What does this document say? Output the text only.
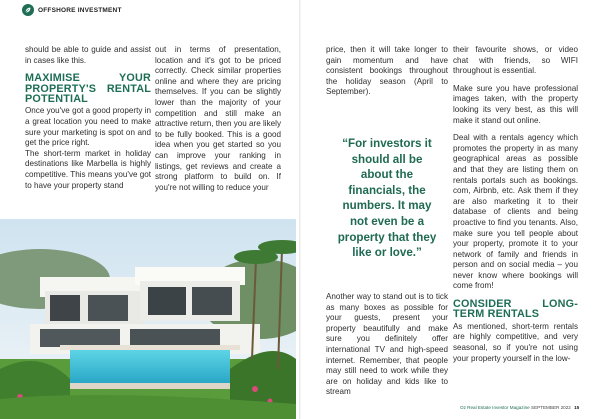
OFFSHORE INVESTMENT

should be able to guide and assist in cases like this.

MAXIMISE YOUR PROPERTY'S RENTAL POTENTIAL

Once you've got a good property in a great location you need to make sure your marketing is spot on and get the price right.

The short-term market in holiday destinations like Marbella is highly competitive. This means you've got to have your property stand

out in terms of presentation, location and it's got to be priced correctly. Check similar properties online and where they are pricing themselves. If you can be slightly lower than the majority of your competition and still make an attractive return, then you are likely to be fully booked. This is a good idea when you get started so you can improve your ranking in listings, get reviews and create a strong platform to build on. If you're not willing to reduce your

price, then it will take longer to gain momentum and have consistent bookings throughout the holiday season (April to September).

“For investors it should all be about the financials, the numbers. It may not even be a property that they like or love.”

Another way to stand out is to tick as many boxes as possible for your guests, present your property beautifully and make sure you definitely offer international TV and high-speed internet. Remember, that people may still need to work while they are on holiday and kids like to stream

their favourite shows, or video chat with friends, so WIFI throughout is essential.

Make sure you have professional images taken, with the property looking its very best, as this will make it stand out online.

Deal with a rentals agency which promotes the property in as many geographical areas as possible and that they are listing them on rentals portals such as bookings. com, Airbnb, etc. Ask them if they are also marketing it to their database of clients and being proactive to find you tenants. Also, make sure you tell people about your property, promote it to your network of family and friends in person and on social media – you never know where bookings will come from!

CONSIDER LONG-TERM RENTALS

As mentioned, short-term rentals are highly competitive, and very seasonal, so if you're not using your property yourself in the low-

Oz Real Estate Investor Magazine SEPTEMBER 2022 15
